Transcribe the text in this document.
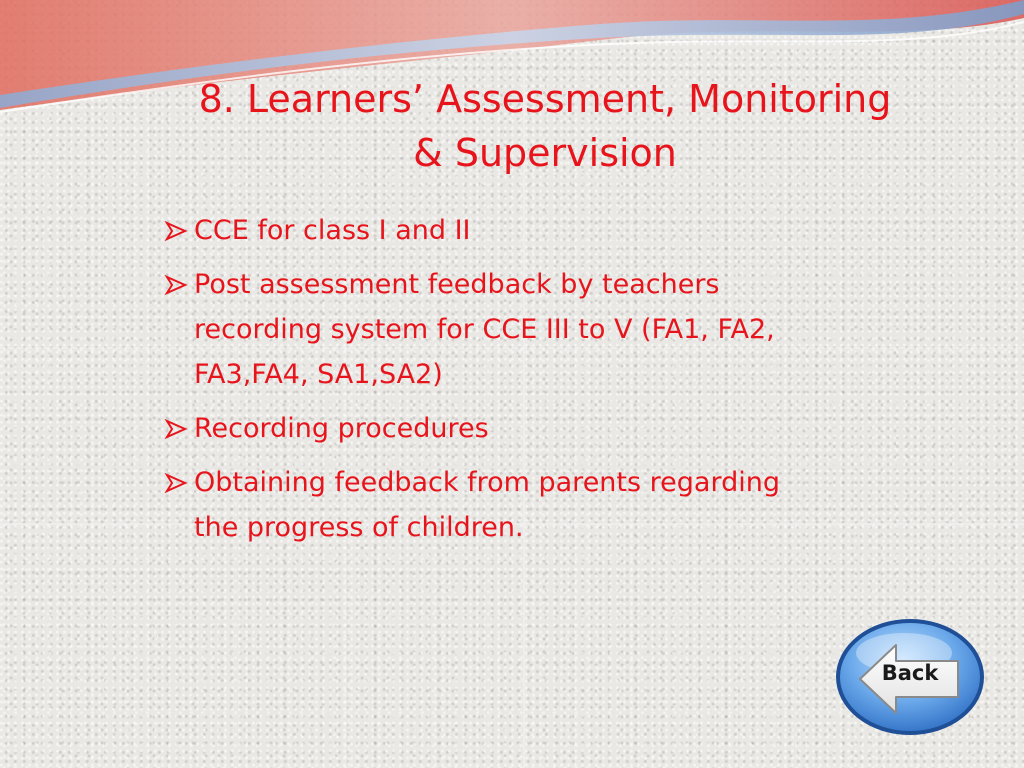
8. Learners’ Assessment, Monitoring
& Supervision
CCE for class I and II
Post assessment feedback by teachers
recording system for CCE III to V (FA1, FA2,
FA3,FA4, SA1,SA2)
Recording procedures
Obtaining feedback from parents regarding
the progress of children.
Back
